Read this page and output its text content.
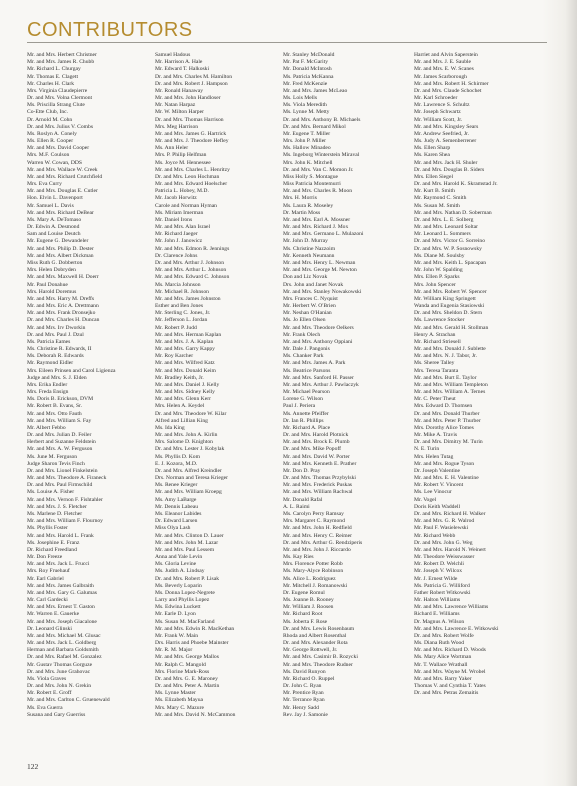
CONTRIBUTORS
Mr. and Mrs. Herbert Christner
Mr. and Mrs. James R. Chubb
Mr. Richard L. Churgay
Mr. Thomas E. Clagett
Mr. Charles H. Clark
Mrs. Virginia Claudepierre
Dr. and Mrs. Volna Clermont
Ms. Priscilla Strang Clute
Co-Ette Club, Inc.
Dr. Arnold M. Cohn
Dr. and Mrs. Julius V. Combs
Ms. Roslyn A. Conely
Ms. Ellen R. Cooper
Mr. and Mrs. David Cooper
Mrs. M.F. Coulson
Warren W. Cowan, DDS
Mr. and Mrs. Wallace W. Creek
Mr. and Mrs. Richard Crutchfield
Mrs. Eva Curry
Mr. and Mrs. Douglas E. Cutler
Hon. Elvin L. Davenport
Mr. Samuel L. Davis
Mr. and Mrs. Richard DeBear
Ms. Mary A. DeTomaso
Dr. Edwin A. Desmond
Sam and Louise Deutch
Mr. Eugene G. Dewandeler
Mr. and Mrs. Philip D. Dester
Mr. and Mrs. Albert Dickman
Miss Ruth G. Dobberton
Mrs. Helen Dobryden
Mr. and Mrs. Maxwell H. Doerr
Mr. Paul Donahue
Mrs. Harold Doremus
Mr. and Mrs. Harry M. Dreffs
Mr. and Mrs. Eric A. Drettmann
Mr. and Mrs. Frank Dronsejko
Dr. and Mrs. Charles H. Duncan
Mr. and Mrs. Irv Dworkin
Dr. and Mrs. Paul J. Dzul
Ms. Patricia Eames
Ms. Christine R. Edwards, II
Ms. Deborah R. Edwards
Mr. Raymond Eidler
Mrs. Eileen Prinsen and Carol Ligienza
Judge and Mrs. S. J. Elden
Mrs. Erika Endler
Mrs. Freda Ensign
Ms. Doris B. Erickson, DVM
Mr. Robert B. Evans, Sr.
Mr. and Mrs. Otto Fauth
Mr. and Mrs. William S. Fay
Mr. Albert Febbo
Dr. and Mrs. Julian D. Feiler
Herbert and Suzanne Feldstein
Mr. and Mrs. A. W. Ferguson
Ms. June M. Ferguson
Judge Sharon Tevis Finch
Dr. and Mrs. Lionel Finkelstein
Mr. and Mrs. Theodore A. Firaneck
Dr. and Mrs. Paul Firmschild
Ms. Louise A. Fisher
Mr. and Mrs. Vernon F. Fishtahler
Mr. and Mrs. J. S. Fletcher
Ms. Marlene D. Fletcher
Mr. and Mrs. William F. Flournoy
Ms. Phyllis Foster
Mr. and Mrs. Harold L. Frank
Ms. Josephine E. Franz
Dr. Richard Freedland
Mr. Don Freeze
Mr. and Mrs. Jack L. Frucci
Mrs. Roy Fruehauf
Mr. Earl Gabriel
Mr. and Mrs. James Galbraith
Mr. and Mrs. Gary G. Galumas
Mr. Carl Gardecki
Mr. and Mrs. Ernest T. Gaston
Mr. Warren E. Gauerke
Mr. and Mrs. Joseph Giacalone
Dr. Leonard Glinski
Mr. and Mrs. Michael M. Glusac
Mr. and Mrs. Jack L. Goldberg
Herman and Barbara Goldsmith
Dr. and Mrs. Rafael M. Gonzalez
Mr. Gustav Thomas Gorguze
Dr. and Mrs. June Grahovac
Ms. Viola Graves
Dr. and Mrs. John N. Grekin
Mr. Robert E. Groff
Mr. and Mrs. Carlton C. Gruenewald
Ms. Eva Guerra
Susana and Gary Guerriss
Samuel Hadous
Mr. Harrison A. Hale
Mr. Edward T. Halkoski
Dr. and Mrs. Charles M. Hamilton
Dr. and Mrs. Robert J. Hampson
Mr. Ronald Hanaway
Mr. and Mrs. John Handloser
Mr. Natan Harpaz
Mr. W. Milton Harper
Dr. and Mrs. Thomas Harrison
Mrs. Meg Harrison
Mr. and Mrs. James G. Hartrick
Mr. and Mrs. J. Theodore Hefley
Ms. Ann Heler
Mrs. P. Philip Helfman
Ms. Joyce M. Hennessee
Mr. and Mrs. Charles L. Henritzy
Dr. and Mrs. Leon Hochman
Mr. and Mrs. Edward Hoelscher
Patricia L. Hobey, M.D.
Mr. Jacob Horwitz
Carole and Norman Hyman
Ms. Miriam Imerman
Mr. Daniel Irons
Mr. and Mrs. Alan Israel
Mr. Richard Jaeger
Mr. John J. Janowicz
Mr. and Mrs. Edmon R. Jennings
Dr. Clarence Johns
Dr. and Mrs. Arthur J. Johnson
Mr. and Mrs. Arthur L. Johnson
Mr. and Mrs. Edward C. Johnson
Ms. Marcia Johnson
Mr. Michael R. Johnson
Mr. and Mrs. James Johnston
Esther and Ben Jones
Mr. Sterling C. Jones, Jr.
Mr. Jefferson L. Jordan
Mr. Robert P. Judd
Mr. and Mrs. Herman Kaplan
Mr. and Mrs. J. A. Kaplan
Mr. and Mrs. Garry Kappy
Mr. Roy Karcher
Mr. and Mrs. Wilfred Katz
Mr. and Mrs. Donald Keim
Mr. Bradley Keith, Jr.
Mr. and Mrs. Daniel J. Kelly
Mr. and Mrs. Sidney Kelly
Mr. and Mrs. Glenn Kerr
Mrs. Helen A. Keydel
Dr. and Mrs. Theodore W. Kilar
Alfred and Lillian King
Ms. Ida King
Mr. and Mrs. John A. Kirlin
Mrs. Salome D. Knighton
Dr. and Mrs. Lester J. Kobylak
Ms. Phyllis D. Kom
E. J. Kozora, M.D.
Dr. and Mrs. Alfred Kreindler
Drs. Norman and Teresa Krieger
Ms. Renee Krieger
Mr. and Mrs. William Kroepg
Ms. Amy LaBarge
Mr. Dennis Labeau
Ms. Eleanor Labides
Dr. Edward Larsen
Miss Olya Lash
Mr. and Mrs. Clinton D. Lauer
Mr. and Mrs. John M. Lazar
Mr. and Mrs. Paul Lessem
Anna and Yale Levin
Ms. Gloria Levine
Ms. Judith A. Lindsay
Dr. and Mrs. Robert P. Lisak
Ms. Beverly Loparin
Ms. Donna Lopez-Negrete
Larry and Phyllis Lopez
Ms. Edwina Luckett
Mr. Earle D. Lyon
Ms. Susan M. MacFarland
Mr. and Mrs. Edwin R. MacKethan
Mr. Frank W. Main
Drs. Harris and Phoebe Mainster
Mr. R. M. Major
Mr. and Mrs. George Mallos
Mr. Ralph C. Mangold
Mrs. Florine Mark-Ross
Dr. and Mrs. G. E. Maroney
Dr. and Mrs. Peter A. Martin
Ms. Lynne Master
Ms. Elizabeth Mayua
Mrs. Mary C. Mazure
Mr. and Mrs. David N. McCammon
Mr. Stanley McDonald
Mr. Pat F. McGarity
Mr. Donald McIntosh
Ms. Patricia McKanna
Mr. Fred McKenzie
Mr. and Mrs. James McLeao
Ms. Lois Mells
Ms. Viola Meredith
Ms. Lynne M. Metty
Dr. and Mrs. Anthony B. Michaels
Dr. and Mrs. Bernard Mikol
Mr. Eugene T. Miller
Mrs. John P. Miller
Ms. Hallow Minadeo
Ms. Ingeborg Winterstein Miraval
Mrs. John K. Mitchell
Dr. and Mrs. Van C. Momon Jr.
Miss Holly S. Montague
Miss Patricia Montemurri
Mr. and Mrs. Charles R. Moon
Mrs. H. Morris
Ms. Laura R. Moseley
Dr. Martin Moss
Mr. and Mrs. Earl A. Mossner
Mr. and Mrs. Richard J. Mox
Mr. and Mrs. Germano L. Mulazoni
Mr. John D. Murray
Ms. Christine Nazzoim
Mr. Kenneth Neumann
Mr. and Mrs. Henry L. Newman
Mr. and Mrs. George M. Newton
Don and Liz Novak
Drs. John and Janet Novak
Mr. and Mrs. Stanley Nowakowski
Mrs. Frances C. Nyquist
Mr. Herbert W. O'Brien
Mr. Neshan O'Hanian
Ms. Jo Ellen Olsen
Mr. and Mrs. Theodore Oelkers
Mr. Frank Olech
Mr. and Mrs. Anthony Oppiani
Mr. Dale J. Pangonis
Ms. Chanker Park
Mr. and Mrs. James A. Park
Ms. Beatrice Parsons
Mr. and Mrs. Sanford H. Passer
Mr. and Mrs. Arthur J. Pawlaczyk
Mr. Michael Pearson
Lorene G. Wilson
Paul J. Periera
Ms. Annette Pfeiffer
Dr. Ian R. Phillips
Mr. Richard A. Place
Dr. and Mrs. Harold Plotnick
Mr. and Mrs. Brock E. Plumb
Dr. and Mrs. Mike Popoff
Mr. and Mrs. David W. Porter
Mr. and Mrs. Kenneth E. Prather
Mr. Don D. Pray
Dr. and Mrs. Thomas Przybylski
Mr. and Mrs. Frederick Puskas
Mr. and Mrs. William Rachwal
Mr. Donald Rafal
A. L. Raimi
Ms. Carolyn Perry Ramsay
Mrs. Margaret C. Raymond
Mr. and Mrs. John H. Redfield
Mr. and Mrs. Henry C. Reimer
Dr. and Mrs. Arthur G. Rendziperis
Mr. and Mrs. John J. Riccardo
Ms. Kay Ries
Mrs. Florence Potter Robb
Ms. Mary-Alyce Robinson
Ms. Alice L. Rodriguez
Mr. Mitchell J. Romanowski
Dr. Eugene Romul
Ms. Joanne B. Rooney
Mr. William J. Roosen
Mr. Richard Root
Ms. Joberta F. Rose
Dr. and Mrs. Lewis Rosenbaum
Rhoda and Albert Rosenthal
Dr. and Mrs. Alexander Rota
Mr. George Rottwell, Jr.
Mr. and Mrs. Casimir B. Rozycki
Mr. and Mrs. Theodore Rudner
Ms. David Runyon
Mr. Richard O. Ruppel
Dr. John C. Ryan
Mr. Prentice Ryan
Mr. Terrance Ryan
Mr. Henry Sadd
Rev. Jay J. Samonie
Harriet and Alvin Saperstein
Mr. and Mrs. J. E. Sauble
Mr. and Mrs. E. W. Scanes
Mr. James Scarborough
Mr. and Mrs. Robert H. Schirmer
Dr. and Mrs. Claude Schochet
Mr. Karl Schroeder
Mr. Lawrence S. Schultz
Mr. Joseph Schwartz
Mr. William Scott, Jr.
Mr. and Mrs. Kingsley Sears
Mr. Andrew Seefried, Jr.
Ms. Judy A. Semenberrener
Ms. Ellen Sharp
Ms. Karen Shea
Mr. and Mrs. Jack H. Shuler
Dr. and Mrs. Douglas B. Siders
Mrs. Ellen Siegel
Dr. and Mrs. Harold K. Skramstad Jr.
Mr. Kurt B. Smith
Mr. Raymond C. Smith
Ms. Susan M. Smith
Mr. and Mrs. Nathan D. Soberman
Dr. and Mrs. L. E. Solberg
Mr. and Mrs. Leonard Soltar
Mr. Leonard L. Sommers
Dr. and Mrs. Victor G. Sorreino
Dr. and Mrs. W. P. Sosnowsky
Ms. Diane M. Soulsby
Mr. and Mrs. Keith L. Spacapan
Mr. John W. Spalding
Mrs. Ellen P. Sparks
Mrs. John Spencer
Mr. and Mrs. Robert W. Spencer
Mr. William King Springett
Wanda and Eugenia Stasiowski
Dr. and Mrs. Sheldon D. Stern
Ms. Lawrence Stocker
Mr. and Mrs. Gerald H. Stollman
Henry A. Strachan
Mr. Richard Striesell
Mr. and Mrs. Donald J. Sublette
Mr. and Mrs. N. J. Tabor, Jr.
Ms. Sheree Talley
Mrs. Teresa Taranta
Mr. and Mrs. Burt E. Taylor
Mr. and Mrs. William Templeton
Mr. and Mrs. William A. Ternes
Mr. C. Peter Theut
Mrs. Edward D. Thomsen
Dr. and Mrs. Donald Thurber
Mr. and Mrs. Peter P. Thurber
Mrs. Dorothy Alice Tomes
Mr. Mike A. Travis
Dr. and Mrs. Dimitry M. Turin
N. E. Turin
Mrs. Helen Tutag
Mr. and Mrs. Rogue Tyson
Dr. Joseph Valentine
Mr. and Mrs. E. H. Valentine
Mr. Robert V. Vincent
Ms. Lee Vinocur
Mr. Vogel
Doris Keith Waddell
Dr. and Mrs. Richard H. Walker
Mr. and Mrs. G. R. Walrod
Mr. Paul F. Wasielewski
Mr. Richard Webb
Dr. and Mrs. John G. Weg
Mr. and Mrs. Harold N. Weinert
Mr. Theodore Weisswasser
Mr. Robert D. Welchli
Mr. Joseph V. Wilcox
Mr. J. Ernest Wilde
Ms. Patricia G. Williford
Father Robert Witkowski
Mr. Halton Williams
Mr. and Mrs. Lawrence Williams
Richard E. Williams
Dr. Magnus A. Wilson
Mr. and Mrs. Lawrence E. Witkowski
Dr. and Mrs. Robert Wolfe
Ms. Diana Ruth Wood
Mr. and Mrs. Richard D. Woods
Ms. Mary Alice Wortman
Mr. T. Wallace Wrathall
Mr. and Mrs. Wayne M. Wrobel
Mr. and Mrs. Barry Yaker
Thomas V. and Cynthia T. Yates
Dr. and Mrs. Petras Zemaitis
122
